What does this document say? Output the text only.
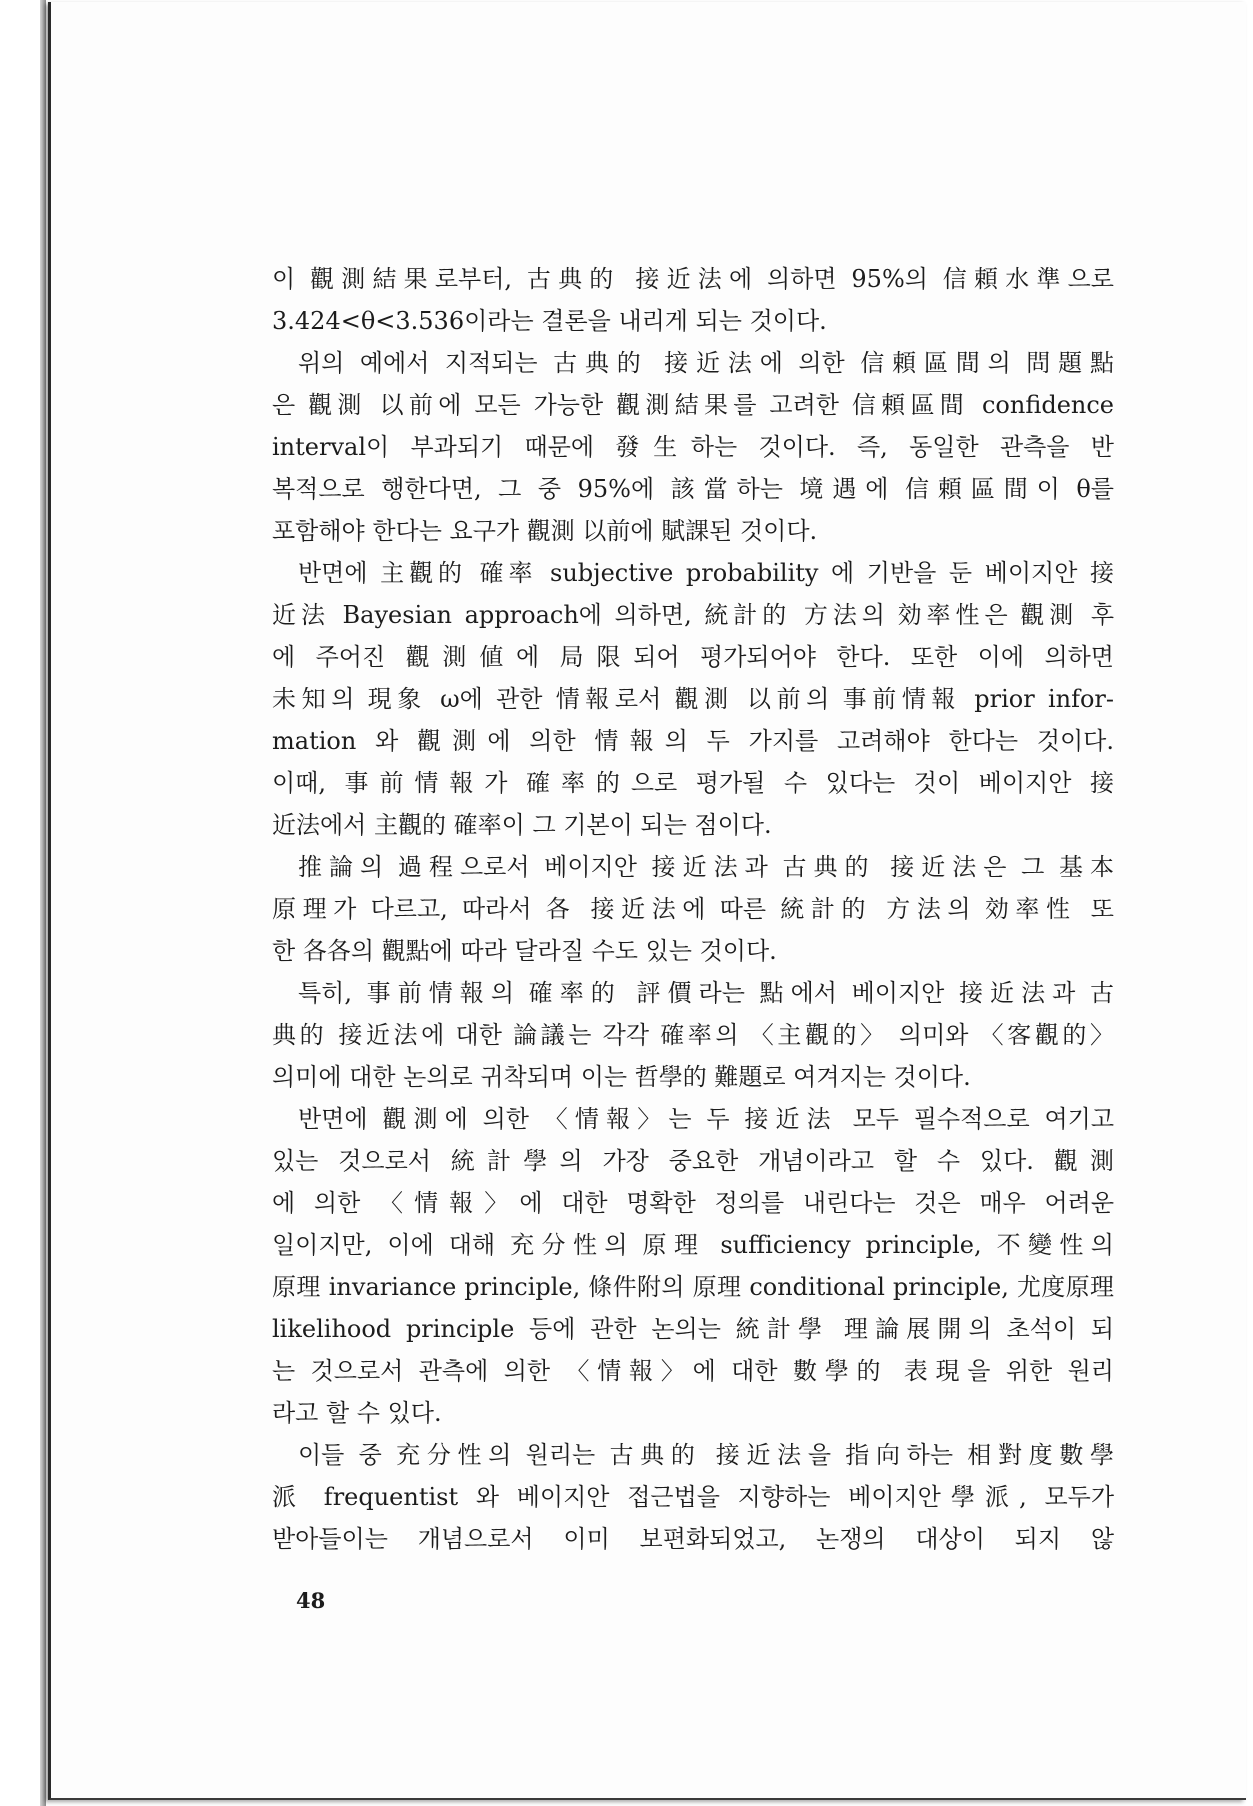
이 觀測結果로부터, 古典的 接近法에 의하면 95%의 信頼水準으로
3.424<θ<3.536이라는 결론을 내리게 되는 것이다.
위의 예에서 지적되는 古典的 接近法에 의한 信頼區間의 問題點
은 觀測 以前에 모든 가능한 觀測結果를 고려한 信頼區間 confidence
interval이 부과되기 때문에 發生하는 것이다. 즉, 동일한 관측을 반
복적으로 행한다면, 그 중 95%에 該當하는 境遇에 信頼區間이 θ를
포함해야 한다는 요구가 觀測 以前에 賦課된 것이다.
반면에 主觀的 確率 subjective probability 에 기반을 둔 베이지안 接
近法 Bayesian approach에 의하면, 統計的 方法의 効率性은 觀測 후
에 주어진 觀測値에 局限되어 평가되어야 한다. 또한 이에 의하면
未知의 現象 ω에 관한 情報로서 觀測 以前의 事前情報 prior infor-
mation 와 觀測에 의한 情報의 두 가지를 고려해야 한다는 것이다.
이때, 事前情報가 確率的으로 평가될 수 있다는 것이 베이지안 接
近法에서 主觀的 確率이 그 기본이 되는 점이다.
推論의 過程으로서 베이지안 接近法과 古典的 接近法은 그 基本
原理가 다르고, 따라서 各 接近法에 따른 統計的 方法의 効率性 또
한 各各의 觀點에 따라 달라질 수도 있는 것이다.
특히, 事前情報의 確率的 評價라는 點에서 베이지안 接近法과 古
典的 接近法에 대한 論議는 각각 確率의 〈主觀的〉 의미와 〈客觀的〉
의미에 대한 논의로 귀착되며 이는 哲學的 難題로 여겨지는 것이다.
반면에 觀測에 의한 〈情報〉는 두 接近法 모두 필수적으로 여기고
있는 것으로서 統計學의 가장 중요한 개념이라고 할 수 있다. 觀測
에 의한 〈情報〉에 대한 명확한 정의를 내린다는 것은 매우 어려운
일이지만, 이에 대해 充分性의 原理 sufficiency principle, 不變性의
原理 invariance principle, 條件附의 原理 conditional principle, 尤度原理
likelihood principle 등에 관한 논의는 統計學 理論展開의 초석이 되
는 것으로서 관측에 의한 〈情報〉에 대한 數學的 表現을 위한 원리
라고 할 수 있다.
이들 중 充分性의 원리는 古典的 接近法을 指向하는 相對度數學
派 frequentist 와 베이지안 접근법을 지향하는 베이지안學派, 모두가
받아들이는 개념으로서 이미 보편화되었고, 논쟁의 대상이 되지 않
48
